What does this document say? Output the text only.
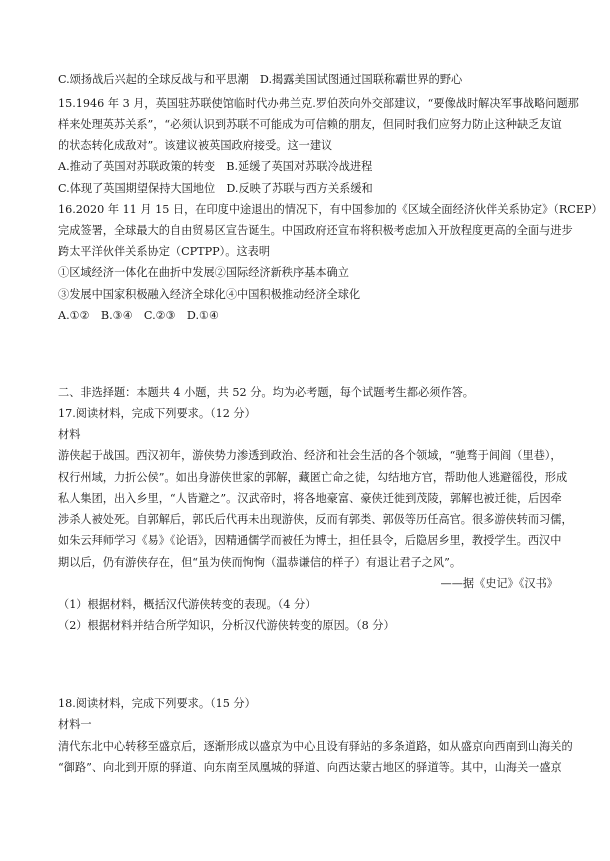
C.颂扬战后兴起的全球反战与和平思潮　D.揭露美国试图通过国联称霸世界的野心
15.1946 年 3 月，英国驻苏联使馆临时代办弗兰克.罗伯茨向外交部建议，“要像战时解决军事战略问题那
样来处理英苏关系”，“必须认识到苏联不可能成为可信赖的朋友，但同时我们应努力防止这种缺乏友谊
的状态转化成敌对”。该建议被英国政府接受。这一建议
A.推动了英国对苏联政策的转变　B.延缓了英国对苏联冷战进程
C.体现了英国期望保持大国地位　D.反映了苏联与西方关系缓和
16.2020 年 11 月 15 日，在印度中途退出的情况下，有中国参加的《区域全面经济伙伴关系协定》（RCEP）
完成签署，全球最大的自由贸易区宣告诞生。中国政府还宣布将积极考虑加入开放程度更高的全面与进步
跨太平洋伙伴关系协定（CPTPP）。这表明
①区域经济一体化在曲折中发展②国际经济新秩序基本确立
③发展中国家积极融入经济全球化④中国积极推动经济全球化
A.①②　B.③④　C.②③　D.①④
二、非选择题：本题共 4 小题，共 52 分。均为必考题，每个试题考生都必须作答。
17.阅读材料，完成下列要求。（12 分）
材料
游侠起于战国。西汉初年，游侠势力渗透到政治、经济和社会生活的各个领域，“驰骛于闾阎（里巷），
权行州域，力折公侯”。如出身游侠世家的郭解，藏匿亡命之徒，勾结地方官，帮助他人逃避徭役，形成
私人集团，出入乡里，“人皆避之”。汉武帝时，将各地豪富、豪侠迁徙到茂陵，郭解也被迁徙，后因牵
涉杀人被处死。自郭解后，郭氏后代再未出现游侠，反而有郭类、郭伋等历任高官。很多游侠转而习儒，
如朱云拜师学习《易》《论语》，因精通儒学而被任为博士，担任县令，后隐居乡里，教授学生。西汉中
期以后，仍有游侠存在，但“虽为侠而恂恂（温恭谦信的样子）有退让君子之风”。
——据《史记》《汉书》
（1）根据材料，概括汉代游侠转变的表现。（4 分）
（2）根据材料并结合所学知识，分析汉代游侠转变的原因。（8 分）
18.阅读材料，完成下列要求。（15 分）
材料一
清代东北中心转移至盛京后，逐渐形成以盛京为中心且设有驿站的多条道路，如从盛京向西南到山海关的
“御路”、向北到开原的驿道、向东南至凤凰城的驿道、向西达蒙古地区的驿道等。其中，山海关一盛京
